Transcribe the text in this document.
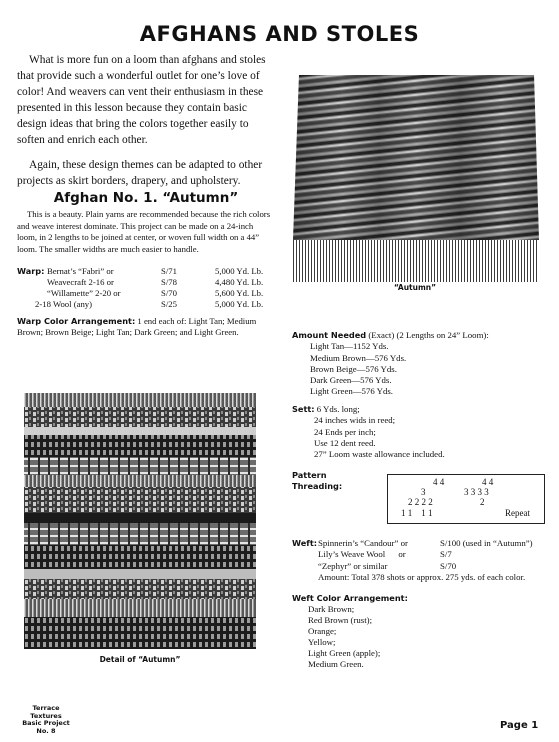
AFGHANS AND STOLES

What is more fun on a loom than afghans and stoles that provide such a wonderful outlet for one’s love of color! And weavers can vent their enthusiasm in these presented in this lesson because they contain basic design ideas that bring the colors together easily to soften and enrich each other.

Again, these design themes can be adapted to other projects as skirt borders, drapery, and upholstery.

Afghan No. 1. “Autumn”
This is a beauty. Plain yarns are recommended because the rich colors and weave interest dominate. This project can be made on a 24-inch loom, in 2 lengths to be joined at center, or woven full width on a 44” loom. The smaller widths are much easier to handle.
Warp: Bernat’s “Fabri” or	S/71	5,000 Yd. Lb.
Weavecraft 2-16 or	S/78	4,480 Yd. Lb.
“Willamette” 2-20 or	S/70	5,600 Yd. Lb.
2-18 Wool (any)	S/25	5,000 Yd. Lb.
Warp Color Arrangement: 1 end each of: Light Tan; Medium Brown; Brown Beige; Light Tan; Dark Green; and Light Green.
Detail of “Autumn”
“Autumn”
Amount Needed (Exact) (2 Lengths on 24” Loom):
Light Tan—1152 Yds.
Medium Brown—576 Yds.
Brown Beige—576 Yds.
Dark Green—576 Yds.
Light Green—576 Yds.
Sett: 6 Yds. long;
24 inches wids in reed;
24 Ends per inch;
Use 12 dent reed.
27” Loom waste allowance included.
Pattern
Threading:	4 4	4 4
3	3 3 3 3
2 2 2 2	2
1 1    1 1	Repeat
Weft: Spinnerin’s “Candour” or	S/100 (used in “Autumn”)
Lily’s Weave Wool      or	S/7
“Zephyr” or similar	S/70
Amount: Total 378 shots or approx. 275 yds. of each color.
Weft Color Arrangement:
Dark Brown;
Red Brown (rust);
Orange;
Yellow;
Light Green (apple);
Medium Green.
Terrace Textures
Basic Project
No. 8	Page 1
